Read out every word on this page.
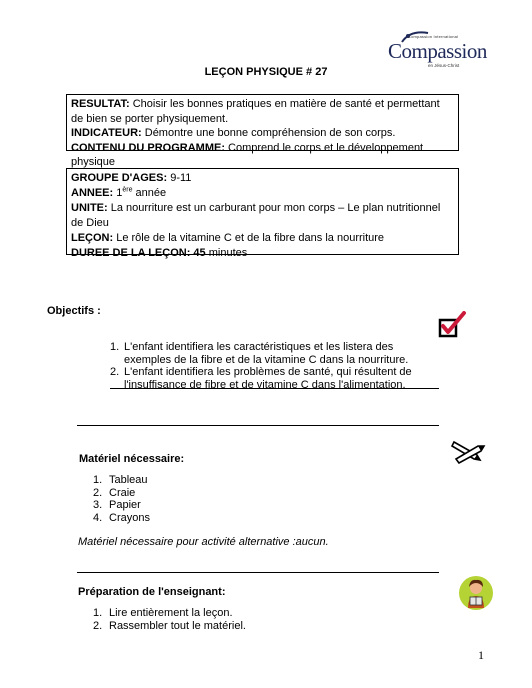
Compassion International
Compassion
en Jésus-Christ
LEÇON PHYSIQUE # 27

RESULTAT: Choisir les bonnes pratiques en matière de santé et permettant de bien se porter physiquement.

INDICATEUR: Démontre une bonne compréhension de son corps.

CONTENU DU PROGRAMME: Comprend le corps et le développement physique

GROUPE D'AGES: 9-11

ANNEE: 1ère année

UNITE: La nourriture est un carburant pour mon corps – Le plan nutritionnel de Dieu

LEÇON: Le rôle de la vitamine C et de la fibre dans la nourriture

DUREE DE LA LEÇON: 45 minutes

Objectifs :
1. L'enfant identifiera les caractéristiques et les listera des exemples de la fibre et de la vitamine C dans la nourriture.
2. L'enfant identifiera les problèmes de santé, qui résultent de l'insuffisance de fibre et de vitamine C dans l'alimentation.
Matériel nécessaire:
1. Tableau
2. Craie
3. Papier
4. Crayons
Matériel nécessaire pour activité alternative :aucun.
Préparation de l'enseignant:
1. Lire entièrement la leçon.
2. Rassembler tout le matériel.
1
